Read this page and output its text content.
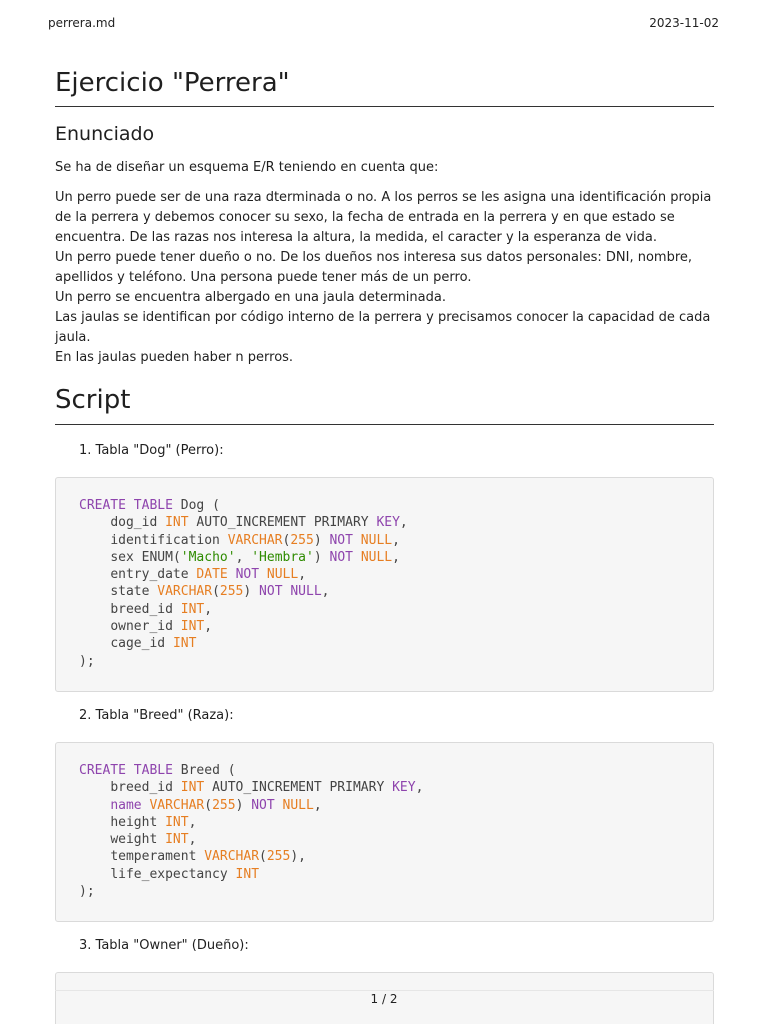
perrera.md	2023-11-02
Ejercicio "Perrera"
Enunciado

Se ha de diseñar un esquema E/R teniendo en cuenta que:

Un perro puede ser de una raza dterminada o no. A los perros se les asigna una identificación propia de la perrera y debemos conocer su sexo, la fecha de entrada en la perrera y en que estado se encuentra. De las razas nos interesa la altura, la medida, el caracter y la esperanza de vida.
Un perro puede tener dueño o no. De los dueños nos interesa sus datos personales: DNI, nombre, apellidos y teléfono. Una persona puede tener más de un perro.
Un perro se encuentra albergado en una jaula determinada.
Las jaulas se identifican por código interno de la perrera y precisamos conocer la capacidad de cada jaula.
En las jaulas pueden haber n perros.

Script

1. Tabla "Dog" (Perro):

CREATE TABLE Dog (
dog_id INT AUTO_INCREMENT PRIMARY KEY,
identification VARCHAR(255) NOT NULL,
sex ENUM('Macho', 'Hembra') NOT NULL,
entry_date DATE NOT NULL,
state VARCHAR(255) NOT NULL,
breed_id INT,
owner_id INT,
cage_id INT
);

2. Tabla "Breed" (Raza):

CREATE TABLE Breed (
breed_id INT AUTO_INCREMENT PRIMARY KEY,
name VARCHAR(255) NOT NULL,
height INT,
weight INT,
temperament VARCHAR(255),
life_expectancy INT
);

3. Tabla "Owner" (Dueño):

1 / 2
